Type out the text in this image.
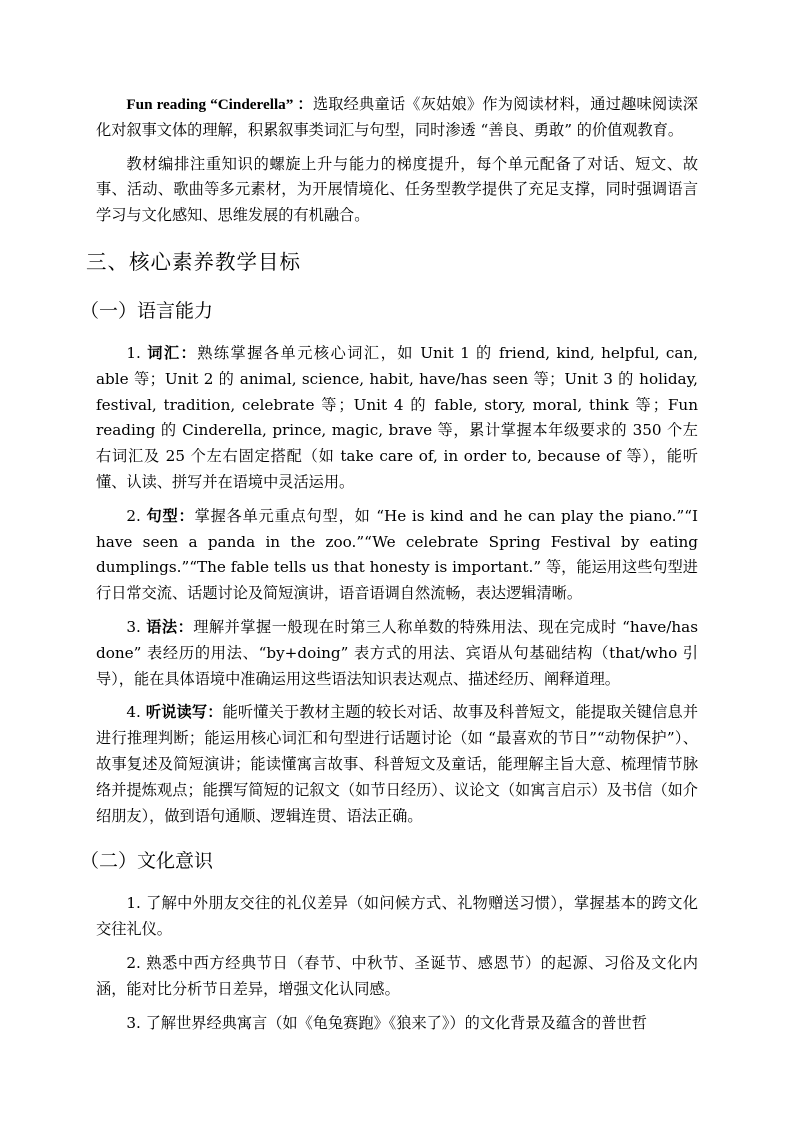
Fun reading “Cinderella” ：选取经典童话《灰姑娘》作为阅读材料，通过趣味阅读深化对叙事文体的理解，积累叙事类词汇与句型，同时渗透 “善良、勇敢” 的价值观教育。

教材编排注重知识的螺旋上升与能力的梯度提升，每个单元配备了对话、短文、故事、活动、歌曲等多元素材，为开展情境化、任务型教学提供了充足支撑，同时强调语言学习与文化感知、思维发展的有机融合。

三、核心素养教学目标
（一）语言能力

1. 词汇：熟练掌握各单元核心词汇，如 Unit 1 的 friend, kind, helpful, can, able 等；Unit 2 的 animal, science, habit, have/has seen 等；Unit 3 的 holiday, festival, tradition, celebrate 等；Unit 4 的 fable, story, moral, think 等；Fun reading 的 Cinderella, prince, magic, brave 等，累计掌握本年级要求的 350 个左右词汇及 25 个左右固定搭配（如 take care of, in order to, because of 等），能听懂、认读、拼写并在语境中灵活运用。

2. 句型：掌握各单元重点句型，如 “He is kind and he can play the piano.”“I have seen a panda in the zoo.”“We celebrate Spring Festival by eating dumplings.”“The fable tells us that honesty is important.” 等，能运用这些句型进行日常交流、话题讨论及简短演讲，语音语调自然流畅，表达逻辑清晰。

3. 语法：理解并掌握一般现在时第三人称单数的特殊用法、现在完成时 “have/has done” 表经历的用法、“by+doing” 表方式的用法、宾语从句基础结构（that/who 引导），能在具体语境中准确运用这些语法知识表达观点、描述经历、阐释道理。

4. 听说读写：能听懂关于教材主题的较长对话、故事及科普短文，能提取关键信息并进行推理判断；能运用核心词汇和句型进行话题讨论（如 “最喜欢的节日”“动物保护”）、故事复述及简短演讲；能读懂寓言故事、科普短文及童话，能理解主旨大意、梳理情节脉络并提炼观点；能撰写简短的记叙文（如节日经历）、议论文（如寓言启示）及书信（如介绍朋友），做到语句通顺、逻辑连贯、语法正确。

（二）文化意识

1. 了解中外朋友交往的礼仪差异（如问候方式、礼物赠送习惯），掌握基本的跨文化交往礼仪。

2. 熟悉中西方经典节日（春节、中秋节、圣诞节、感恩节）的起源、习俗及文化内涵，能对比分析节日差异，增强文化认同感。

3. 了解世界经典寓言（如《龟兔赛跑》《狼来了》）的文化背景及蕴含的普世哲
